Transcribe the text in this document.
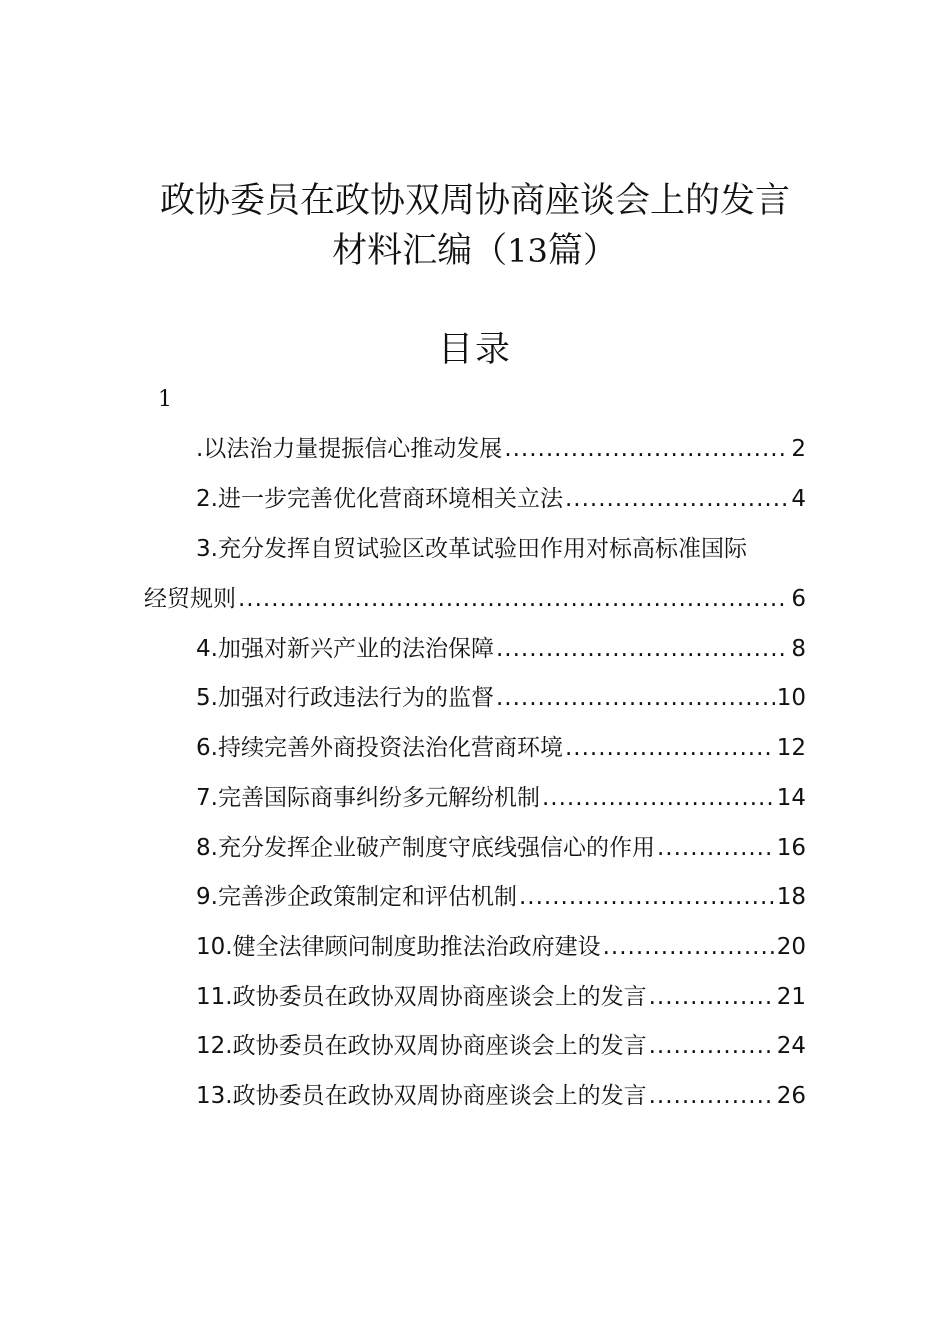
政协委员在政协双周协商座谈会上的发言
材料汇编（13篇）
目录
1
.以法治力量提振信心推动发展 .....	2
2.进一步完善优化营商环境相关立法 .....	4
3.充分发挥自贸试验区改革试验田作用对标高标准国际
经贸规则 .....	6
4.加强对新兴产业的法治保障 .....	8
5.加强对行政违法行为的监督 .....	10
6.持续完善外商投资法治化营商环境 .....	12
7.完善国际商事纠纷多元解纷机制 .....	14
8.充分发挥企业破产制度守底线强信心的作用 .....	16
9.完善涉企政策制定和评估机制 .....	18
10.健全法律顾问制度助推法治政府建设 .....	20
11.政协委员在政协双周协商座谈会上的发言 .....	21
12.政协委员在政协双周协商座谈会上的发言 .....	24
13.政协委员在政协双周协商座谈会上的发言 .....	26
